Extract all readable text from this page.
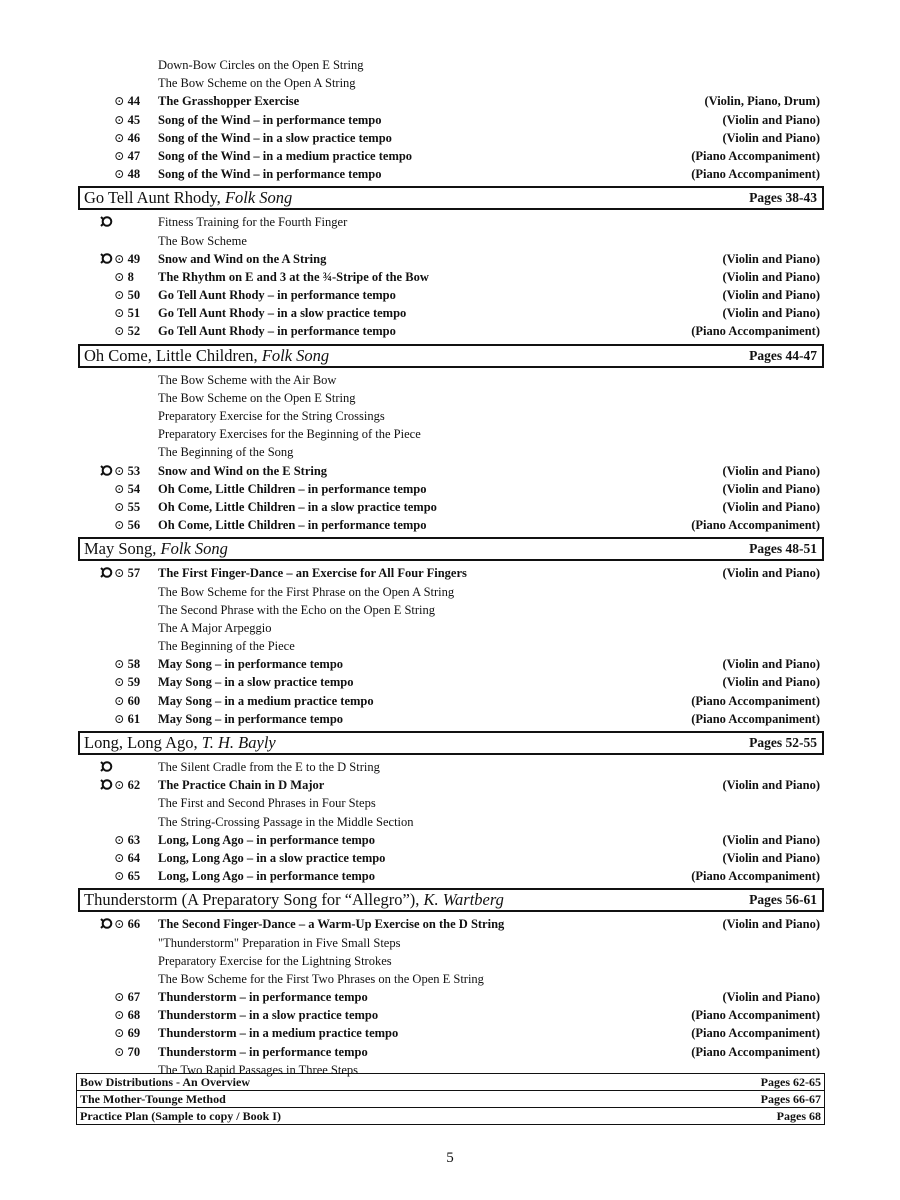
Down-Bow Circles on the Open E String
The Bow Scheme on the Open A String
⊙ 44	The Grasshopper Exercise	(Violin, Piano, Drum)
⊙ 45	Song of the Wind – in performance tempo	(Violin and Piano)
⊙ 46	Song of the Wind – in a slow practice tempo	(Violin and Piano)
⊙ 47	Song of the Wind – in a medium practice tempo	(Piano Accompaniment)
⊙ 48	Song of the Wind – in performance tempo	(Piano Accompaniment)
Go Tell Aunt Rhody, Folk Song	Pages 38-43
Fitness Training for the Fourth Finger
The Bow Scheme
⊙ 49	Snow and Wind on the A String	(Violin and Piano)
⊙ 8	The Rhythm on E and 3 at the ¾-Stripe of the Bow	(Violin and Piano)
⊙ 50	Go Tell Aunt Rhody – in performance tempo	(Violin and Piano)
⊙ 51	Go Tell Aunt Rhody – in a slow practice tempo	(Violin and Piano)
⊙ 52	Go Tell Aunt Rhody – in performance tempo	(Piano Accompaniment)
Oh Come, Little Children, Folk Song	Pages 44-47
The Bow Scheme with the Air Bow
The Bow Scheme on the Open E String
Preparatory Exercise for the String Crossings
Preparatory Exercises for the Beginning of the Piece
The Beginning of the Song
⊙ 53	Snow and Wind on the E String	(Violin and Piano)
⊙ 54	Oh Come, Little Children – in performance tempo	(Violin and Piano)
⊙ 55	Oh Come, Little Children – in a slow practice tempo	(Violin and Piano)
⊙ 56	Oh Come, Little Children – in performance tempo	(Piano Accompaniment)
May Song, Folk Song	Pages 48-51
⊙ 57	The First Finger-Dance – an Exercise for All Four Fingers	(Violin and Piano)
The Bow Scheme for the First Phrase on the Open A String
The Second Phrase with the Echo on the Open E String
The A Major Arpeggio
The Beginning of the Piece
⊙ 58	May Song – in performance tempo	(Violin and Piano)
⊙ 59	May Song – in a slow practice tempo	(Violin and Piano)
⊙ 60	May Song – in a medium practice tempo	(Piano Accompaniment)
⊙ 61	May Song – in performance tempo	(Piano Accompaniment)
Long, Long Ago, T. H. Bayly	Pages 52-55
The Silent Cradle from the E to the D String
⊙ 62	The Practice Chain in D Major	(Violin and Piano)
The First and Second Phrases in Four Steps
The String-Crossing Passage in the Middle Section
⊙ 63	Long, Long Ago – in performance tempo	(Violin and Piano)
⊙ 64	Long, Long Ago – in a slow practice tempo	(Violin and Piano)
⊙ 65	Long, Long Ago – in performance tempo	(Piano Accompaniment)
Thunderstorm (A Preparatory Song for “Allegro”), K. Wartberg	Pages 56-61
⊙ 66	The Second Finger-Dance – a Warm-Up Exercise on the D String	(Violin and Piano)
"Thunderstorm" Preparation in Five Small Steps
Preparatory Exercise for the Lightning Strokes
The Bow Scheme for the First Two Phrases on the Open E String
⊙ 67	Thunderstorm – in performance tempo	(Violin and Piano)
⊙ 68	Thunderstorm – in a slow practice tempo	(Piano Accompaniment)
⊙ 69	Thunderstorm – in a medium practice tempo	(Piano Accompaniment)
⊙ 70	Thunderstorm – in performance tempo	(Piano Accompaniment)
The Two Rapid Passages in Three Steps
Bow Distributions - An Overview	Pages 62-65
The Mother-Tounge Method	Pages 66-67
Practice Plan (Sample to copy / Book I)	Pages 68
5
